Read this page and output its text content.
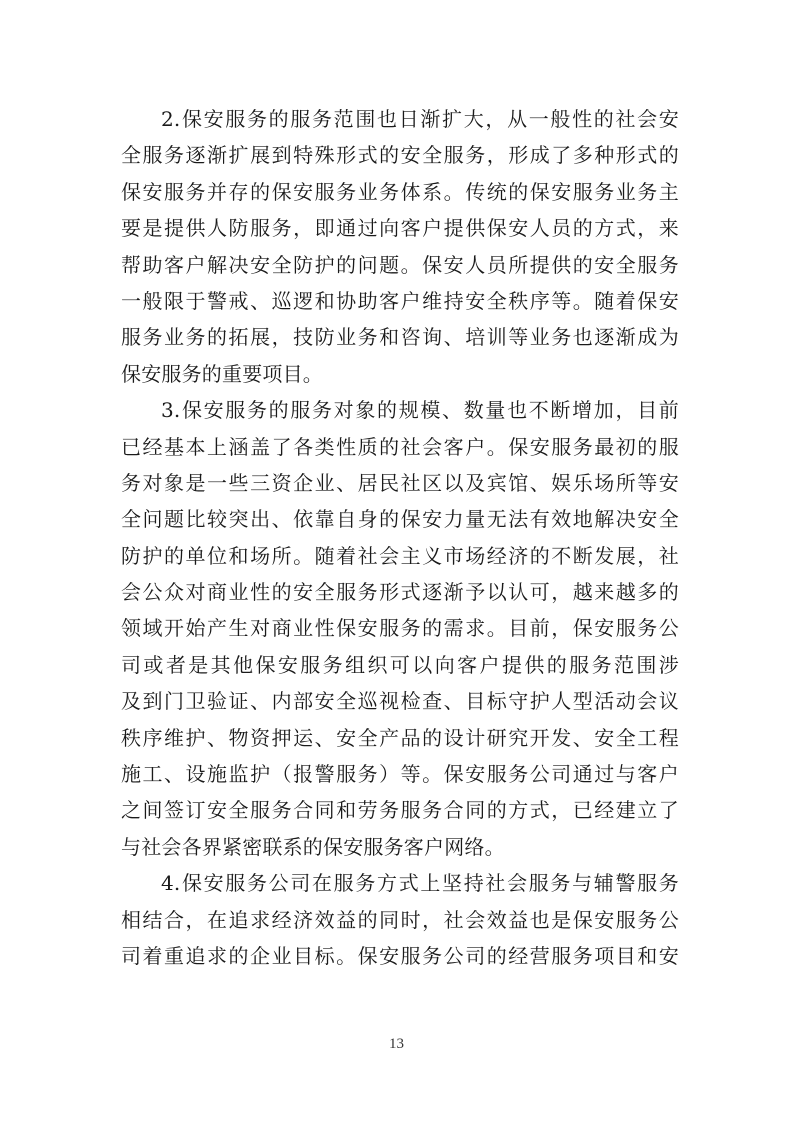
2.保安服务的服务范围也日渐扩大，从一般性的社会安
全服务逐渐扩展到特殊形式的安全服务，形成了多种形式的
保安服务并存的保安服务业务体系。传统的保安服务业务主
要是提供人防服务，即通过向客户提供保安人员的方式，来
帮助客户解决安全防护的问题。保安人员所提供的安全服务
一般限于警戒、巡逻和协助客户维持安全秩序等。随着保安
服务业务的拓展，技防业务和咨询、培训等业务也逐渐成为
保安服务的重要项目。
3.保安服务的服务对象的规模、数量也不断增加，目前
已经基本上涵盖了各类性质的社会客户。保安服务最初的服
务对象是一些三资企业、居民社区以及宾馆、娱乐场所等安
全问题比较突出、依靠自身的保安力量无法有效地解决安全
防护的单位和场所。随着社会主义市场经济的不断发展，社
会公众对商业性的安全服务形式逐渐予以认可，越来越多的
领域开始产生对商业性保安服务的需求。目前，保安服务公
司或者是其他保安服务组织可以向客户提供的服务范围涉
及到门卫验证、内部安全巡视检查、目标守护人型活动会议
秩序维护、物资押运、安全产品的设计研究开发、安全工程
施工、设施监护（报警服务）等。保安服务公司通过与客户
之间签订安全服务合同和劳务服务合同的方式，已经建立了
与社会各界紧密联系的保安服务客户网络。
4.保安服务公司在服务方式上坚持社会服务与辅警服务
相结合，在追求经济效益的同时，社会效益也是保安服务公
司着重追求的企业目标。保安服务公司的经营服务项目和安
13
